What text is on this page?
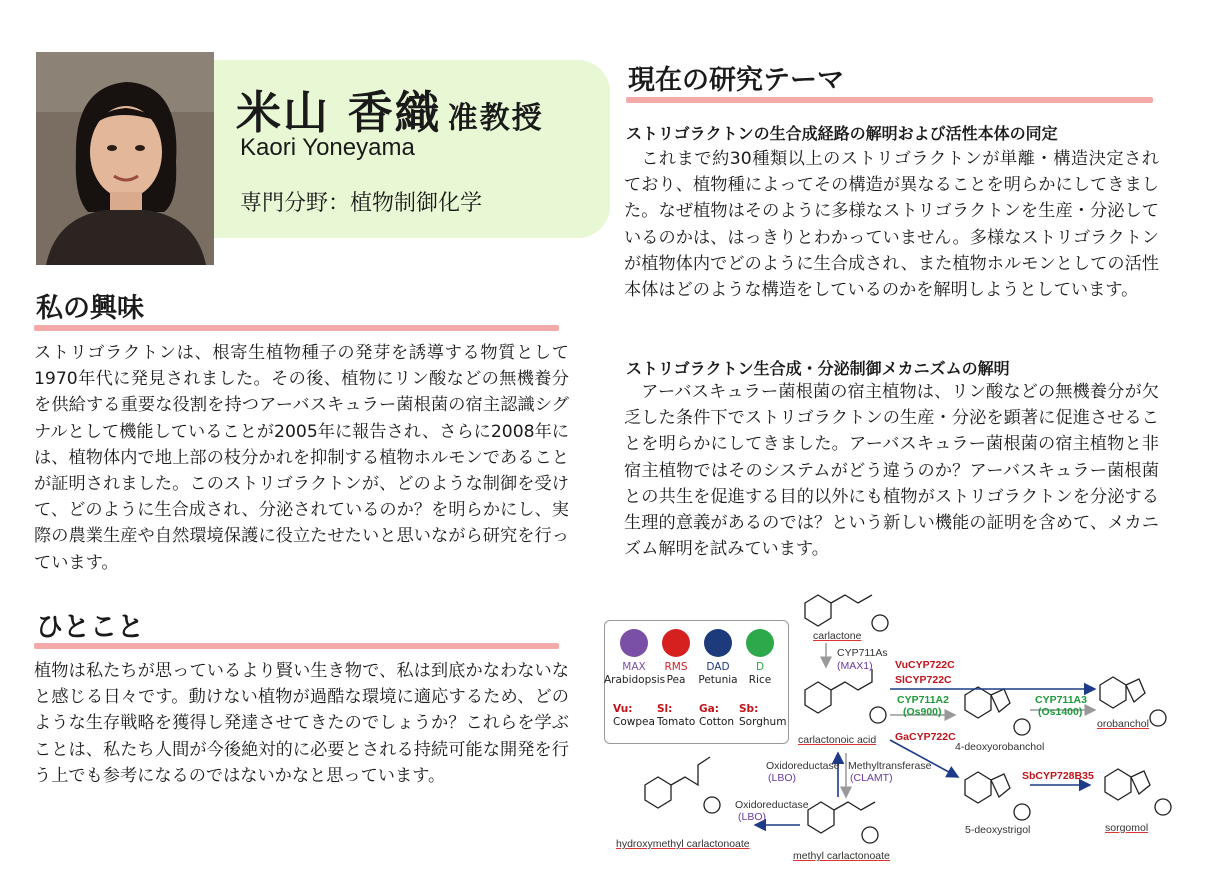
米山 香織 准教授
Kaori Yoneyama
専門分野：植物制御化学
私の興味
ストリゴラクトンは、根寄生植物種子の発芽を誘導する物質として1970年代に発見されました。その後、植物にリン酸などの無機養分を供給する重要な役割を持つアーバスキュラー菌根菌の宿主認識シグナルとして機能していることが2005年に報告され、さらに2008年には、植物体内で地上部の枝分かれを抑制する植物ホルモンであることが証明されました。このストリゴラクトンが、どのような制御を受けて、どのように生合成され、分泌されているのか？を明らかにし、実際の農業生産や自然環境保護に役立たせたいと思いながら研究を行っています。
ひとこと
植物は私たちが思っているより賢い生き物で、私は到底かなわないなと感じる日々です。動けない植物が過酷な環境に適応するため、どのような生存戦略を獲得し発達させてきたのでしょうか？これらを学ぶことは、私たち人間が今後絶対的に必要とされる持続可能な開発を行う上でも参考になるのではないかなと思っています。
現在の研究テーマ
ストリゴラクトンの生合成経路の解明および活性本体の同定
これまで約30種類以上のストリゴラクトンが単離・構造決定されており、植物種によってその構造が異なることを明らかにしてきました。なぜ植物はそのように多様なストリゴラクトンを生産・分泌しているのかは、はっきりとわかっていません。多様なストリゴラクトンが植物体内でどのように生合成され、また植物ホルモンとしての活性本体はどのような構造をしているのかを解明しようとしています。
ストリゴラクトン生合成・分泌制御メカニズムの解明
アーバスキュラー菌根菌の宿主植物は、リン酸などの無機養分が欠乏した条件下でストリゴラクトンの生産・分泌を顕著に促進させることを明らかにしてきました。アーバスキュラー菌根菌の宿主植物と非宿主植物ではそのシステムがどう違うのか？アーバスキュラー菌根菌との共生を促進する目的以外にも植物がストリゴラクトンを分泌する生理的意義があるのでは？という新しい機能の証明を含めて、メカニズム解明を試みています。
MAX
Arabidopsis
RMS
Pea
DAD
Petunia
D
Rice
Vu:
Cowpea
Sl:
Tomato
Ga:
Cotton
Sb:
Sorghum
carlactone
CYP711As
(MAX1) VuCYP722C
SlCYP722C
CYP711A2
(Os900)
CYP711A3
(Os1400)
orobanchol
GaCYP722C
carlactonoic acid
4-deoxyorobanchol
Oxidoreductase
(LBO)
Methyltransferase
(CLAMT)	SbCYP728B35
Oxidoreductase
(LBO)
5-deoxystrigol	sorgomol
hydroxymethyl carlactonoate
methyl carlactonoate
